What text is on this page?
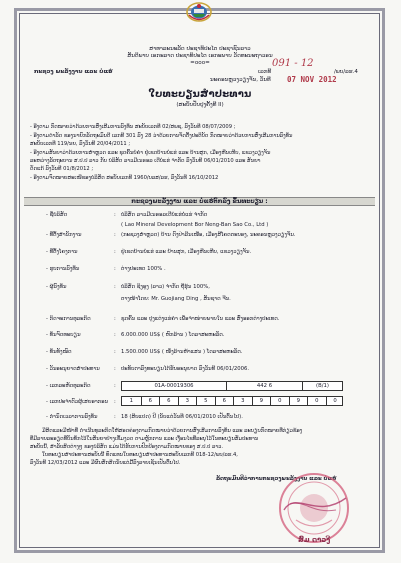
ສາທາລະນະລັດ ປະຊາທິປະໄຕ ປະຊາຊົນລາວ
ສັນຕິພາບ ເອກະລາດ ປະຊາທິປະໄຕ ເອກະພາບ ວັດທະນະຖາວອນ
=ooo=
ກະຊວງ ພະລັງງານ ແລະ ບໍ່ແຮ່	ເລກທີ
091 - 12
/ພບ/ລຮ.4
ນະຄອນຫຼວງວຽງຈັນ, ວັນທີ 07 NOV 2012
ໃບທະບຽນສໍາປະທານ
(ສະບັບປັບປຸງຄັ້ງທີ II)
- ອີງຕາມ ກົດໝາຍວ່າດ້ວຍການສົ່ງເສີມການລົງທຶນ ສະບັບເລກທີ 02/ສພຊ, ລົງວັນທີ 08/07/2009 ;
- ອີງຕາມດໍາລັດ ຂອງນາຍົກລັດຖະມົນຕີ ເລກທີ 301 ລົງ 28 ວ່າດ້ວຍການຈັດຕັ້ງປະຕິບັດ ກົດໝາຍວ່າດ້ວຍການສົ່ງເສີມການລົງທຶນ
ສະບັບເລກທີ 119/ນຍ, ລົງວັນທີ 20/04/2011 ;
- ອີງຕາມສັນຍາວ່າດ້ວຍການສຳຫຼວດ ແລະ ຂຸດຄົ້ນບໍ່ຄໍາ ຢູ່ເຂດບ້ານບໍ່ແຮ່ ແລະ ບ້ານສຸກ, ເມືອງຫີນເຫີບ, ແຂວງວຽງຈັນ
ລະຫວ່າງລັດຖະບານ ສ.ປ.ປ ລາວ ກັບ ບໍລິສັດ ລາວມີເນຣອລ ເດີບໍ່ແຮ່ ຈໍາກັດ ລົງວັນທີ 06/01/2010 ແລະ ສັນຍາ
ດັດແກ້ ລົງວັນທີ 01/8/2012 ;
- ອີງຕາມຈົດໝາຍສະເໜີຂອງບໍລິສັດ ສະບັບເລກທີ 1960/ບລສ/ລຮ, ລົງວັນທີ 16/10/2012
ກະຊວງພະລັງງານ ແລະ ບໍ່ແຮ່ຕົກລົງ ຂຶ້ນທະບຽນ :
- ຊື່ບໍລິສັດ	: ບໍລິສັດ ລາວມີເນຣອລເດີບໍ່ແຮ່ບໍ່ແຮ່ ຈໍາກັດ
( Lao Mineral Development Bor Neng-Ban Sao Co., Ltd )
- ທີ່ຕັ້ງສໍານັກງານ	: (ກະຊວງສຳຫຼວດ) ບ້ານ ດົງປ່າລີນເໜືອ, ເມືອງສີໂຄດຕະບອງ, ນະຄອນຫຼວງວຽງຈັນ.
- ທີ່ຕັ້ງໂຄງການ	: ຢູ່ເຂດບ້ານບໍ່ແຮ່ ແລະ ບ້ານສຸກ, ເມືອງຫີນເຫີບ, ແຂວງວຽງຈັນ.
- ຮູບການລົງທຶນ	: ຕ່າງປະເທດ 100% .
- ຜູ້ລົງທຶນ	: ບໍລິສັດ ຊິງອູງ (ລາວ) ຈໍາກັດ ຖືຮຸ້ນ 100%,
ຕາງໜ້າໂດຍ: Mr. Guojiang Ding , ສັນຊາດ ຈີນ.
- ກິດຈະການທຸລະກິດ	: ຂຸດຄົ້ນ ແລະ ປຸງແຕ່ງແຮ່ຄໍາ ເພື່ອຈໍາໜ່າຍພາຍໃນ ແລະ ສົ່ງອອກຕ່າງປະເທດ.
- ທຶນຈົດທະບຽນ	: 6.000.000 US$ ( ຫົກລ້ານ ) ໂດລາສະຫະລັດ.
- ທຶນທັງໝົດ	: 1.500.000 US$ ( ໜຶ່ງລ້ານຫ້າແສນ ) ໂດລາສະຫະລັດ.
- ວັນອະນຸຍາດສຳປະທານ	: ປະທັບຕາລົງທະບຽນໄດ້ຮັບອະນຸຍາດ ລົງວັນທີ 06/01/2006.
- ເລກລະຫັດທຸລະກິດ	:	01A-00019306	442 6	(B/1)
- ເລກປະຈໍາຕົວຜູ້ເສຍອາກອນ :	1	6	6	3	5	6	3	9	0	9	0	0
- ກໍານົດເວລາການລົງທຶນ	: 18 (ສິບແປດ) ປີ (ນັບແຕ່ວັນທີ 06/01/2010 ເປັນຕົ້ນໄປ).
ມີສິດແລະມີໜ້າທີ່ ດໍາເນີນທຸລະກິດໃຫ້ສອດຄ່ອງຕາມກົດໝາຍວ່າດ້ວຍການສົ່ງເສີມການລົງທຶນ ແລະ ລະບຽບກົດໝາຍທີ່ກ່ຽວຂ້ອງ
ທີ່ມີລາຍລະອຽດທີ່ບັນທຶກໄວ້ໃນສັນຍາຢ່າງເຂັ້ມງວດ ຕາມຫຼັກການ ແລະ ເງື່ອນໄຂທີ່ລະບຸໄວ້ໃນທະບຽນສັມປະທານ
ສະບັບນີ້, ສໍາລັບສິດຕ່າງໆ ຂອງບໍລິສັດ ແມ່ນໄດ້ຮັບການປົກປ້ອງຕາມກົດໝາຍຂອງ ສ.ປ.ປ ລາວ.
ໃບທະບຽນສໍາປະທານສະບັບນີ້ ທົດແທນໃບທະບຽນສໍາປະທານສະບັບເລກທີ 018-12/ພບ/ລຮ.4,
ລົງວັນທີ 12/03/2012 ແລະ ມີຜົນສັກສິດນັບແຕ່ມື້ລົງລາຍເຊັນເປັນຕົ້ນໄປ.
ລັດຖະມົນຕີວ່າການກະຊວງພະລັງງານ ແລະ ບໍ່ແຮ່
ສົມ ດາວງີ
